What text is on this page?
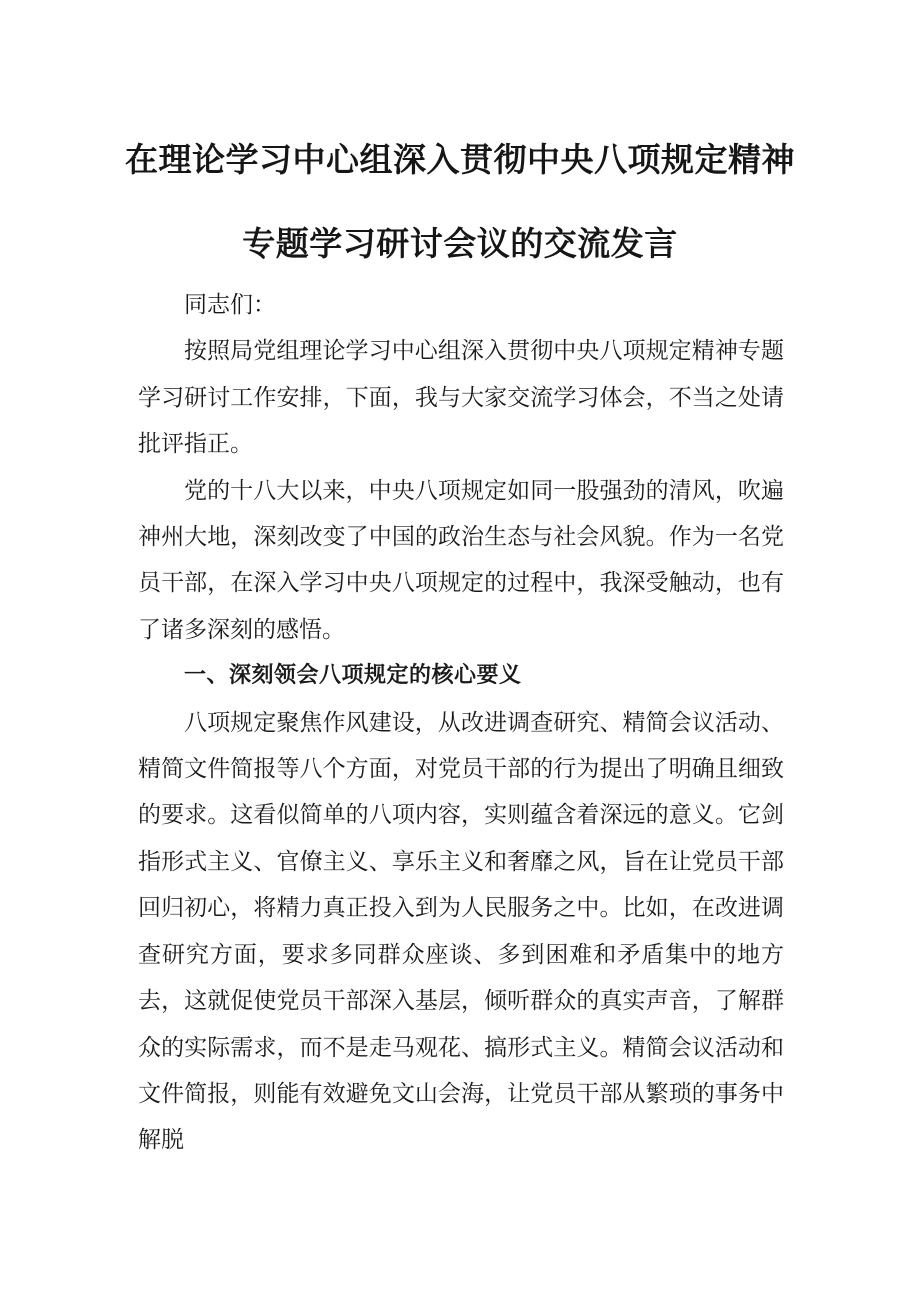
在理论学习中心组深入贯彻中央八项规定精神
专题学习研讨会议的交流发言

同志们：

按照局党组理论学习中心组深入贯彻中央八项规定精神专题学习研讨工作安排，下面，我与大家交流学习体会，不当之处请批评指正。

党的十八大以来，中央八项规定如同一股强劲的清风，吹遍神州大地，深刻改变了中国的政治生态与社会风貌。作为一名党员干部，在深入学习中央八项规定的过程中，我深受触动，也有了诸多深刻的感悟。

一、深刻领会八项规定的核心要义

八项规定聚焦作风建设，从改进调查研究、精简会议活动、精简文件简报等八个方面，对党员干部的行为提出了明确且细致的要求。这看似简单的八项内容，实则蕴含着深远的意义。它剑指形式主义、官僚主义、享乐主义和奢靡之风，旨在让党员干部回归初心，将精力真正投入到为人民服务之中。比如，在改进调查研究方面，要求多同群众座谈、多到困难和矛盾集中的地方去，这就促使党员干部深入基层，倾听群众的真实声音，了解群众的实际需求，而不是走马观花、搞形式主义。精简会议活动和文件简报，则能有效避免文山会海，让党员干部从繁琐的事务中解脱
